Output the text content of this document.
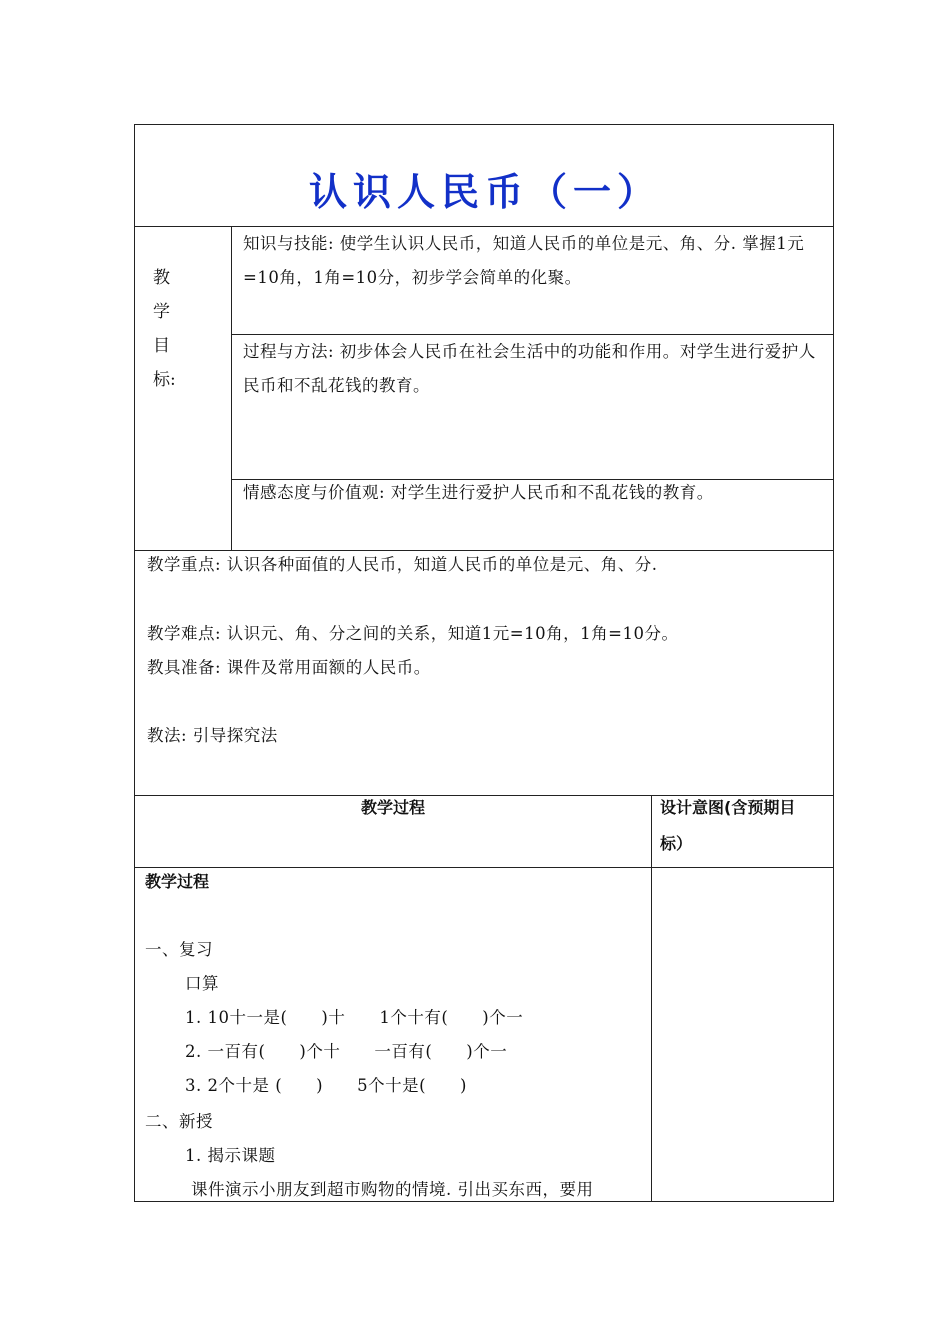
认识人民币（一）
教
学
目
标:
知识与技能: 使学生认识人民币，知道人民币的单位是元、角、分. 掌握1元=10角，1角=10分，初步学会简单的化聚。
过程与方法: 初步体会人民币在社会生活中的功能和作用。对学生进行爱护人民币和不乱花钱的教育。
情感态度与价值观: 对学生进行爱护人民币和不乱花钱的教育。
教学重点: 认识各种面值的人民币，知道人民币的单位是元、角、分.
教学难点: 认识元、角、分之间的关系，知道1元=10角，1角=10分。
教具准备: 课件及常用面额的人民币。
教法: 引导探究法
教学过程	设计意图(含预期目
标）
教学过程
一、复习
口算
1. 10十一是(　　)十　　1个十有(　　)个一
2. 一百有(　　)个十　　一百有(　　)个一
3. 2个十是 (　　)　　5个十是(　　)
二、新授
1. 揭示课题
课件演示小朋友到超市购物的情境. 引出买东西，要用
